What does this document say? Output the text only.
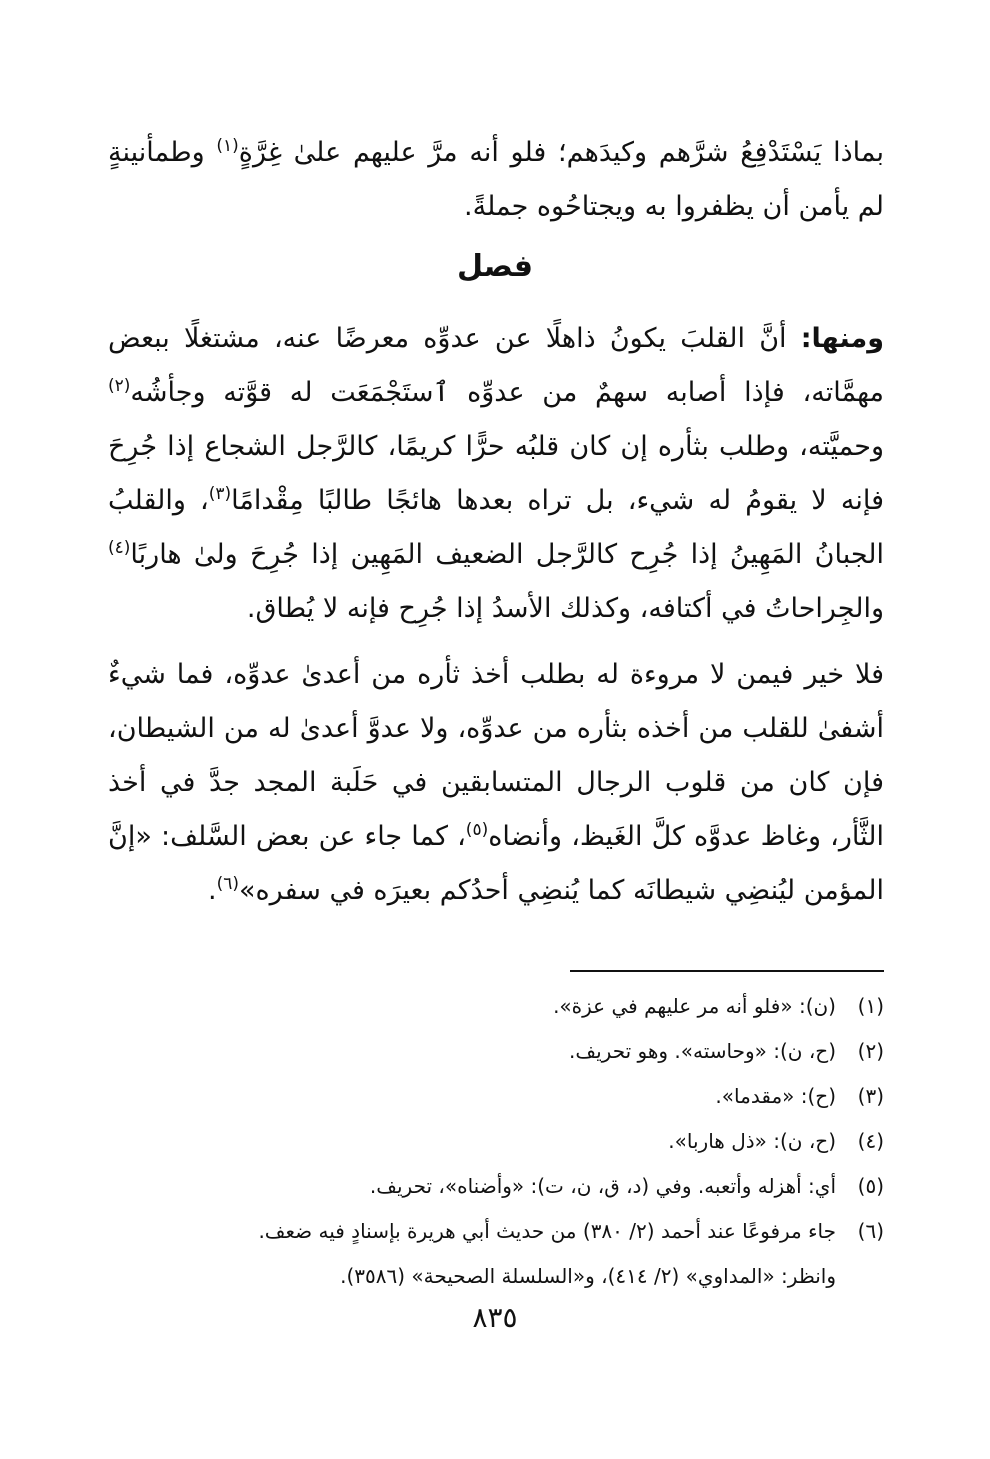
بماذا يَسْتَدْفِعُ شرَّهم وكيدَهم؛ فلو أنه مرَّ عليهم علىٰ غِرَّةٍ$^{(١)}$ وطمأنينةٍ لم يأمن أن يظفروا به ويجتاحُوه جملةً.

فصل

ومنها: أنَّ القلبَ يكونُ ذاهلًا عن عدوِّه معرضًا عنه، مشتغلًا ببعض مهمَّاته، فإذا أصابه سهمٌ من عدوِّه ٱستَجْمَعَت له قوَّته وجأشُه$^{(٢)}$ وحميَّته، وطلب بثأره إن كان قلبُه حرًّا كريمًا، كالرَّجل الشجاع إذا جُرِحَ فإنه لا يقومُ له شيء، بل تراه بعدها هائجًا طالبًا مِقْدامًا$^{(٣)}$، والقلبُ الجبانُ المَهِينُ إذا جُرِح كالرَّجل الضعيف المَهِين إذا جُرِحَ ولىٰ هاربًا$^{(٤)}$ والجِراحاتُ في أكتافه، وكذلك الأسدُ إذا جُرِح فإنه لا يُطاق.

فلا خير فيمن لا مروءة له بطلب أخذ ثأره من أعدىٰ عدوِّه، فما شيءٌ أشفىٰ للقلب من أخذه بثأره من عدوِّه، ولا عدوَّ أعدىٰ له من الشيطان، فإن كان من قلوب الرجال المتسابقين في حَلَبة المجد جدَّ في أخذ الثَّأر، وغاظ عدوَّه كلَّ الغَيظ، وأنضاه$^{(٥)}$، كما جاء عن بعض السَّلف: «إنَّ المؤمن ليُنضِي شيطانَه كما يُنضِي أحدُكم بعيرَه في سفره»$^{(٦)}$.

(١)(ن): «فلو أنه مر عليهم في عزة».
(٢)(ح، ن): «وحاسته». وهو تحريف.
(٣)(ح): «مقدما».
(٤)(ح، ن): «ذل هاربا».
(٥)أي: أهزله وأتعبه. وفي (د، ق، ن، ت): «وأضناه»، تحريف.
(٦)جاء مرفوعًا عند أحمد (٢/ ٣٨٠) من حديث أبي هريرة بإسنادٍ فيه ضعف.
وانظر: «المداوي» (٢/ ٤١٤)، و«السلسلة الصحيحة» (٣٥٨٦).
٨٣٥
